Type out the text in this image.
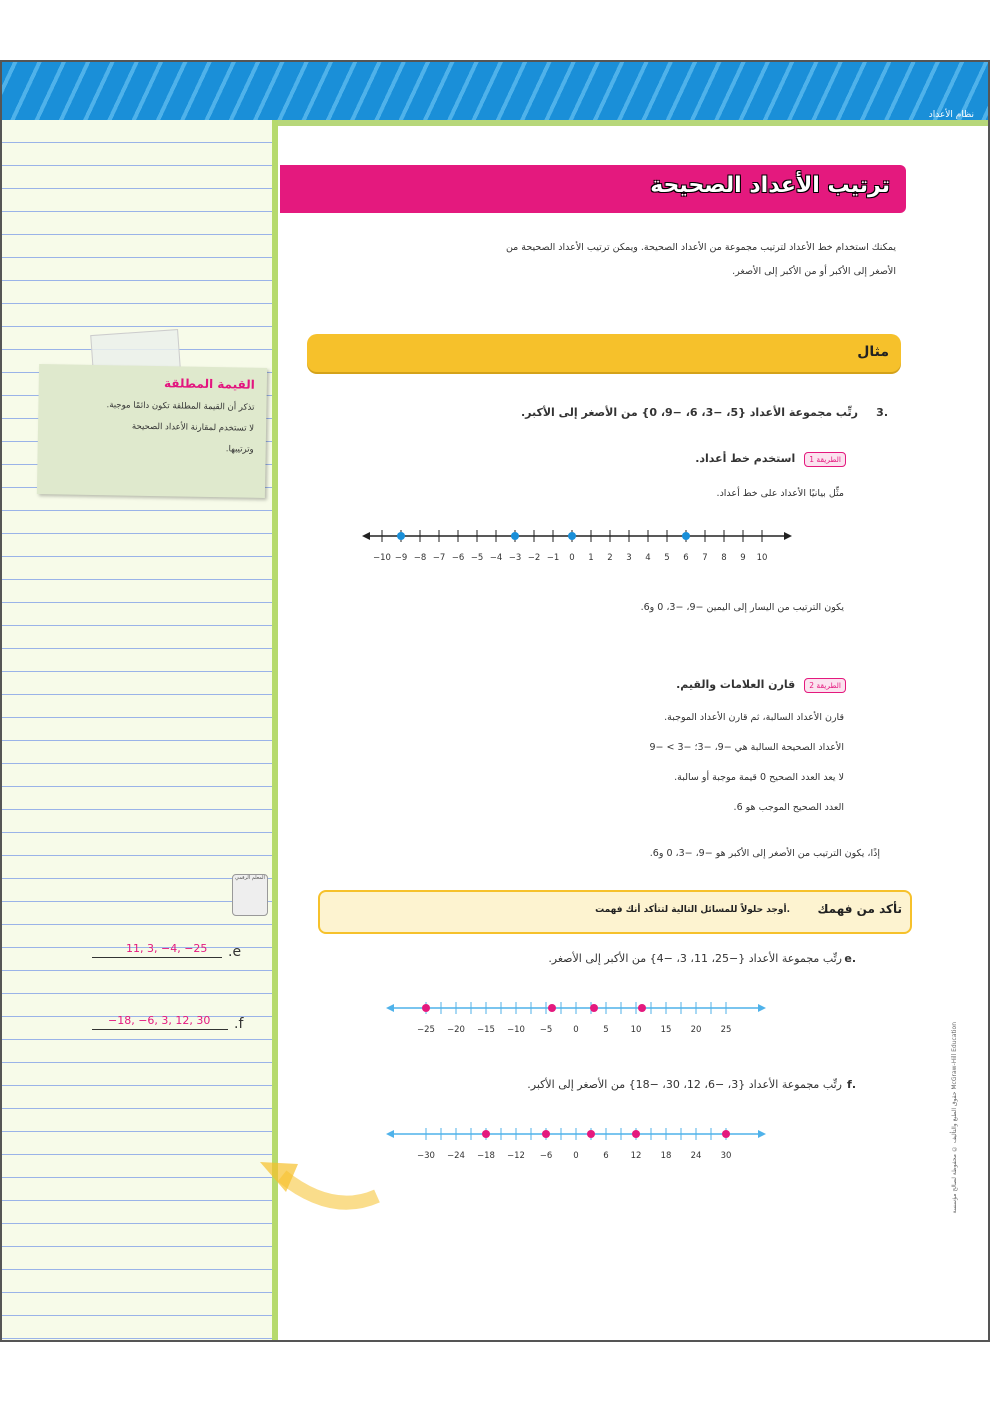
نظام الأعداد
القيمة المطلقة

تذكر أن القيمة المطلقة تكون دائمًا موجبة.

لا تستخدم لمقارنة الأعداد الصحيحة

وترتيبها.

المعلم الرقمي
11, 3, −4, −25 .e
−18, −6, 3, 12, 30 .f
ترتيب الأعداد الصحيحة
يمكنك استخدام خط الأعداد لترتيب مجموعة من الأعداد الصحيحة. ويمكن ترتيب الأعداد الصحيحة من
الأصغر إلى الأكبر أو من الأكبر إلى الأصغر.
مثال
.3
رتِّب مجموعة الأعداد {5، −3، 6، −9، 0} من الأصغر إلى الأكبر.
الطريقة 1 استخدم خط أعداد.
مثِّل بيانيًا الأعداد على خط أعداد.
−10 −9 −8 −7 −6 −5 −4 −3 −2 −1 0 1 2 3 4 5 6 7 8 9 10
يكون الترتيب من اليسار إلى اليمين −9، −3، 0 و6.
الطريقة 2 قارن العلامات والقيم.
قارن الأعداد السالبة، ثم قارن الأعداد الموجبة.
الأعداد الصحيحة السالبة هي −9، −3؛ −3 > −9
لا يعد العدد الصحيح 0 قيمة موجبة أو سالبة.
العدد الصحيح الموجب هو 6.
إذًا، يكون الترتيب من الأصغر إلى الأكبر هو −9، −3، 0 و6.
تأكد من فهمك
أوجد حلولاً للمسائل التالية لتتأكد أنك فهمت.
.e
رتِّب مجموعة الأعداد {−25، 11، 3، −4} من الأكبر إلى الأصغر.
−25 −20 −15 −10 −5 0	5	10 15 20 25
.f
رتِّب مجموعة الأعداد {3، −6، 12، 30، −18} من الأصغر إلى الأكبر.
−30 −24 −18 −12 −6 0	6	12 18 24 30	حقوق الطبع والتأليف © محفوظة لصالح مؤسسة McGraw-Hill Education
